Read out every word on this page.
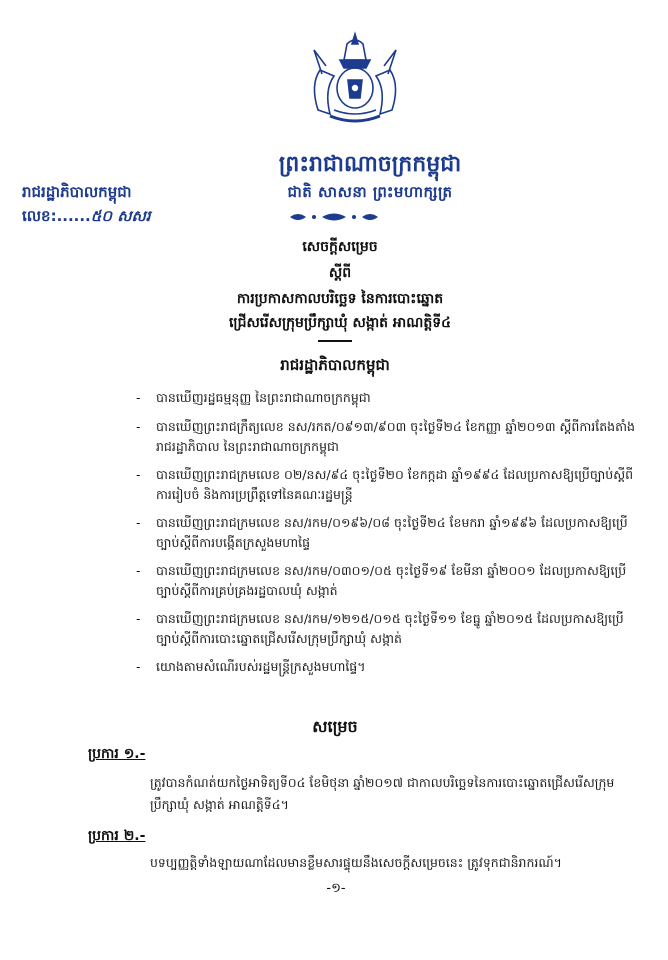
ព្រះរាជាណាចក្រកម្ពុជា
ជាតិ សាសនា ព្រះមហាក្សត្រ
រាជរដ្ឋាភិបាលកម្ពុជា
លេខ:......៥០ សសរ
សេចក្តីសម្រេច
ស្តីពី
ការប្រកាសកាលបរិច្ឆេទ នៃការបោះឆ្នោត
ជ្រើសរើសក្រុមប្រឹក្សាឃុំ សង្កាត់ អាណត្តិទី៤
រាជរដ្ឋាភិបាលកម្ពុជា
- បានឃើញរដ្ឋធម្មនុញ្ញ នៃព្រះរាជាណាចក្រកម្ពុជា
- បានឃើញព្រះរាជក្រឹត្យលេខ នស/រកត/០៩១៣/៩០៣ ចុះថ្ងៃទី២៤ ខែកញ្ញា ឆ្នាំ២០១៣ ស្តីពីការតែងតាំងរាជរដ្ឋាភិបាល នៃព្រះរាជាណាចក្រកម្ពុជា
- បានឃើញព្រះរាជក្រមលេខ ០២/នស/៩៤ ចុះថ្ងៃទី២០ ខែកក្កដា ឆ្នាំ១៩៩៤ ដែលប្រកាសឱ្យប្រើច្បាប់ស្តីពីការរៀបចំ និងការប្រព្រឹត្តទៅនៃគណៈរដ្ឋមន្ត្រី
- បានឃើញព្រះរាជក្រមលេខ នស/រកម/០១៩៦/០៨ ចុះថ្ងៃទី២៤ ខែមករា ឆ្នាំ១៩៩៦ ដែលប្រកាសឱ្យប្រើច្បាប់ស្តីពីការបង្កើតក្រសួងមហាផ្ទៃ
- បានឃើញព្រះរាជក្រមលេខ នស/រកម/០៣០១/០៥ ចុះថ្ងៃទី១៩ ខែមីនា ឆ្នាំ២០០១ ដែលប្រកាសឱ្យប្រើច្បាប់ស្តីពីការគ្រប់គ្រងរដ្ឋបាលឃុំ សង្កាត់
- បានឃើញព្រះរាជក្រមលេខ នស/រកម/១២១៥/០១៥ ចុះថ្ងៃទី១១ ខែធ្នូ ឆ្នាំ២០១៥ ដែលប្រកាសឱ្យប្រើច្បាប់ស្តីពីការបោះឆ្នោតជ្រើសរើសក្រុមប្រឹក្សាឃុំ សង្កាត់
- យោងតាមសំណើរបស់រដ្ឋមន្ត្រីក្រសួងមហាផ្ទៃ។
សម្រេច
ប្រការ ១.-
ត្រូវបានកំណត់យកថ្ងៃអាទិត្យទី០៤ ខែមិថុនា ឆ្នាំ២០១៧ ជាកាលបរិច្ឆេទនៃការបោះឆ្នោតជ្រើសរើសក្រុមប្រឹក្សាឃុំ សង្កាត់ អាណត្តិទី៤។
ប្រការ ២.-
បទប្បញ្ញត្តិទាំងឡាយណាដែលមានខ្លឹមសារផ្ទុយនឹងសេចក្តីសម្រេចនេះ ត្រូវទុកជានិរាករណ៍។
-១-
